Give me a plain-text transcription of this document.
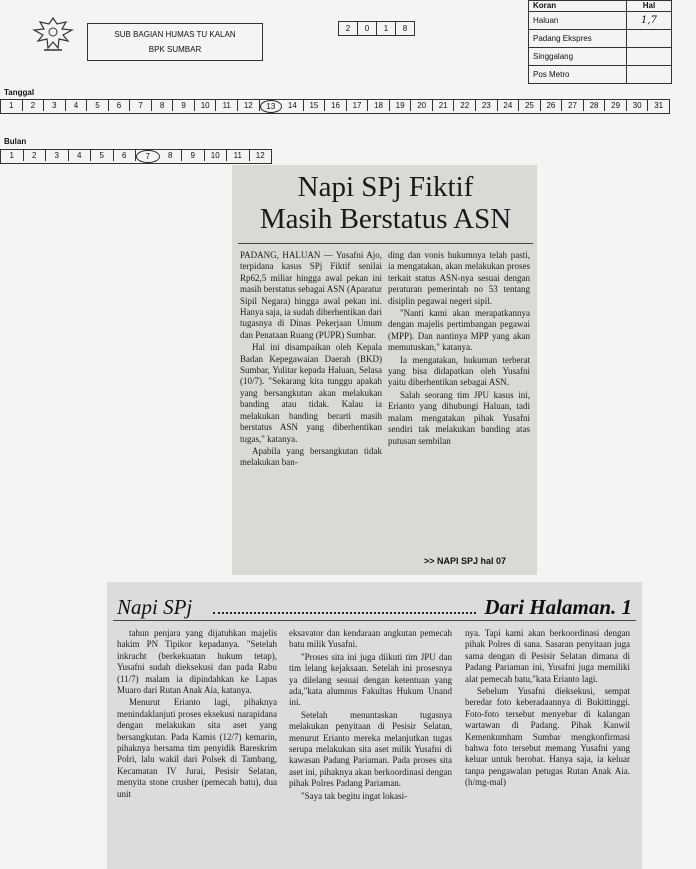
SUB BAGIAN HUMAS TU KALAN
BPK SUMBAR
2	0	1	8
Koran	Hal
Haluan	1,7
Padang Ekspres
Singgalang
Pos Metro
Tanggal
1	2	3	4	5	6	7	8	9	10	11	12	13	14	15	16	17	18	19	20	21	22	23	24	25	26	27	28	29	30	31
Bulan
1	2	3	4	5	6	7	8	9	10	11	12
Napi SPj Fiktif
Masih Berstatus ASN

PADANG, HALUAN — Yusafni Ajo, terpidana kasus SPj Fiktif senilai Rp62,5 miliar hingga awal pekan ini masih berstatus sebagai ASN (Aparatur Sipil Negara) hingga awal pekan ini. Hanya saja, ia sudah diberhentikan dari tugasnya di Dinas Pekerjaan Umum dan Penataan Ruang (PUPR) Sumbar.

Hal ini disampaikan oleh Kepala Badan Kepegawaian Daerah (BKD) Sumbar, Yulitar kepada Haluan, Selasa (10/7). "Sekarang kita tunggu apakah yang bersangkutan akan melakukan banding atau tidak. Kalau ia melakukan banding berarti masih berstatus ASN yang diberhentikan tugas," katanya.

Apabila yang bersangkutan tidak melakukan ban-

ding dan vonis hukumnya telah pasti, ia mengatakan, akan melakukan proses terkait status ASN-nya sesuai dengan peraturan pemerintah no 53 tentang disiplin pegawai negeri sipil.

"Nanti kami akan merapatkannya dengan majelis pertimbangan pegawai (MPP). Dan nantinya MPP yang akan memutuskan," katanya.

Ia mengatakan, hukuman terberat yang bisa didapatkan oleh Yusafni yaitu diberhentikan sebagai ASN.

Salah seorang tim JPU kasus ini, Erianto yang dihubungi Haluan, tadi malam mengatakan pihak Yusafni sendiri tak melakukan banding atas putusan sembilan

>> NAPI SPJ hal 07
Napi SPj	Dari Halaman. 1

tahun penjara yang dijatuhkan majelis hakim PN Tipikor kepadanya. "Setelah inkracht (berkekuatan hukum tetap), Yusafni sudah dieksekusi dan pada Rabu (11/7) malam ia dipindahkan ke Lapas Muaro dari Rutan Anak Aia, katanya.

Menurut Erianto lagi, pihaknya menindaklanjuti proses eksekusi narapidana dengan melakukan sita aset yang bersangkutan. Pada Kamis (12/7) kemarin, pihaknya bersama tim penyidik Bareskrim Polri, lalu wakil dari Polsek di Tambang, Kecamatan IV Jurai, Pesisir Selatan, menyita stone crusher (pemecah batu), dua unit

eksavator dan kendaraan angkutan pemecah batu milik Yusafni.

"Proses sita ini juga diikuti tim JPU dan tim lelang kejaksaan. Setelah ini prosesnya ya dilelang sesuai dengan ketentuan yang ada,"kata alumnus Fakultas Hukum Unand ini.

Setelah menuntaskan tugasnya melakukan penyitaan di Pesisir Selatan, menurut Erianto mereka melanjutkan tugas serupa melakukan sita aset milik Yusafni di kawasan Padang Pariaman. Pada proses sita aset ini, pihaknya akan berkoordinasi dengan pihak Polres Padang Pariaman.

"Saya tak begitu ingat lokasi-

nya. Tapi kami akan berkoordinasi dengan pihak Polres di sana. Sasaran penyitaan juga sama dengan di Pesisir Selatan dimana di Padang Pariaman ini, Yusafni juga memiliki alat pemecah batu,"kata Erianto lagi.

Sebelum Yusafni dieksekusi, sempat beredar foto keberadaannya di Bukittinggi. Foto-foto tersebut menyebar di kalangan wartawan di Padang. Pihak Kanwil Kemenkumham Sumbar mengkonfirmasi bahwa foto tersebut memang Yusafni yang keluar untuk berobat. Hanya saja, ia keluar tanpa pengawalan petugas Rutan Anak Aia.(h/mg-mal)
